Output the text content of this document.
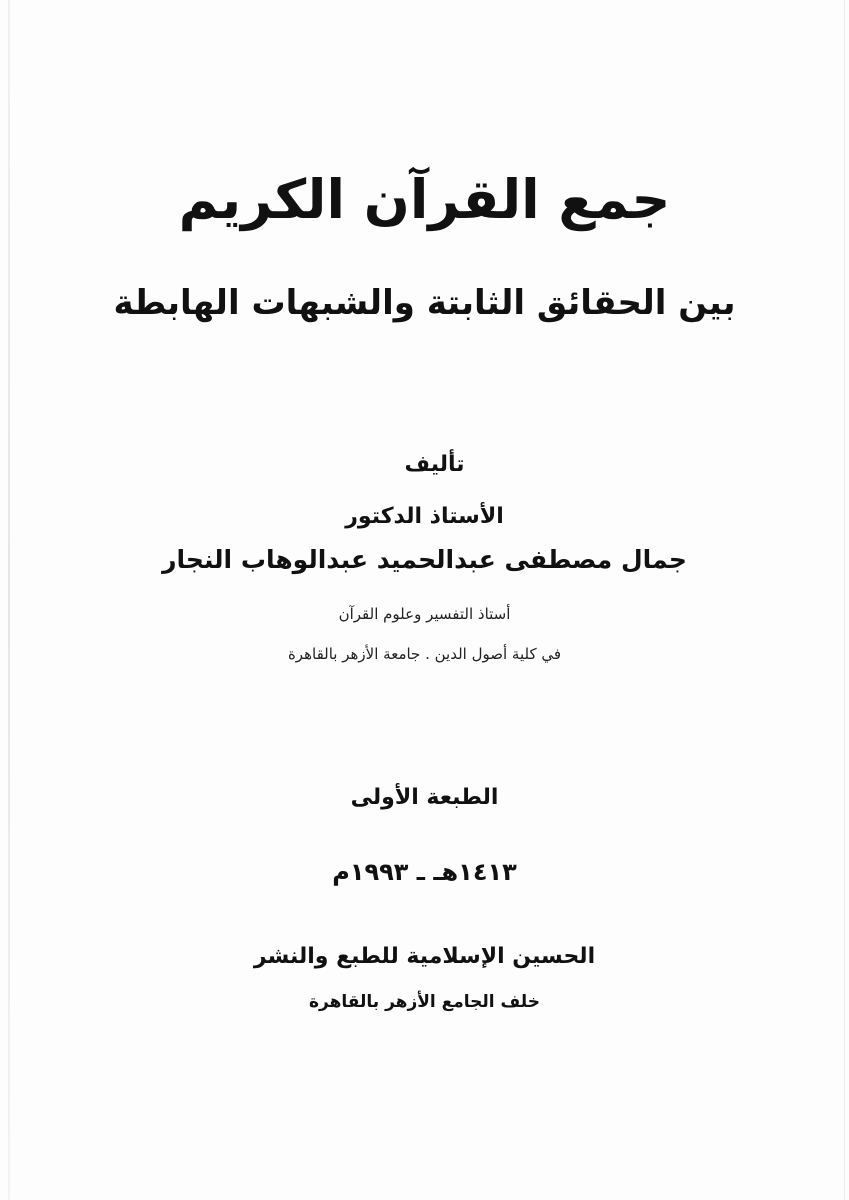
جمع القرآن الكريم
بين الحقائق الثابتة والشبهات الهابطة
تأليف
الأستاذ الدكتور
جمال مصطفى عبدالحميد عبدالوهاب النجار
أستاذ التفسير وعلوم القرآن
في كلية أصول الدين . جامعة الأزهر بالقاهرة
الطبعة الأولى
١٤١٣هـ ـ ١٩٩٣م
الحسين الإسلامية للطبع والنشر
خلف الجامع الأزهر بالقاهرة
